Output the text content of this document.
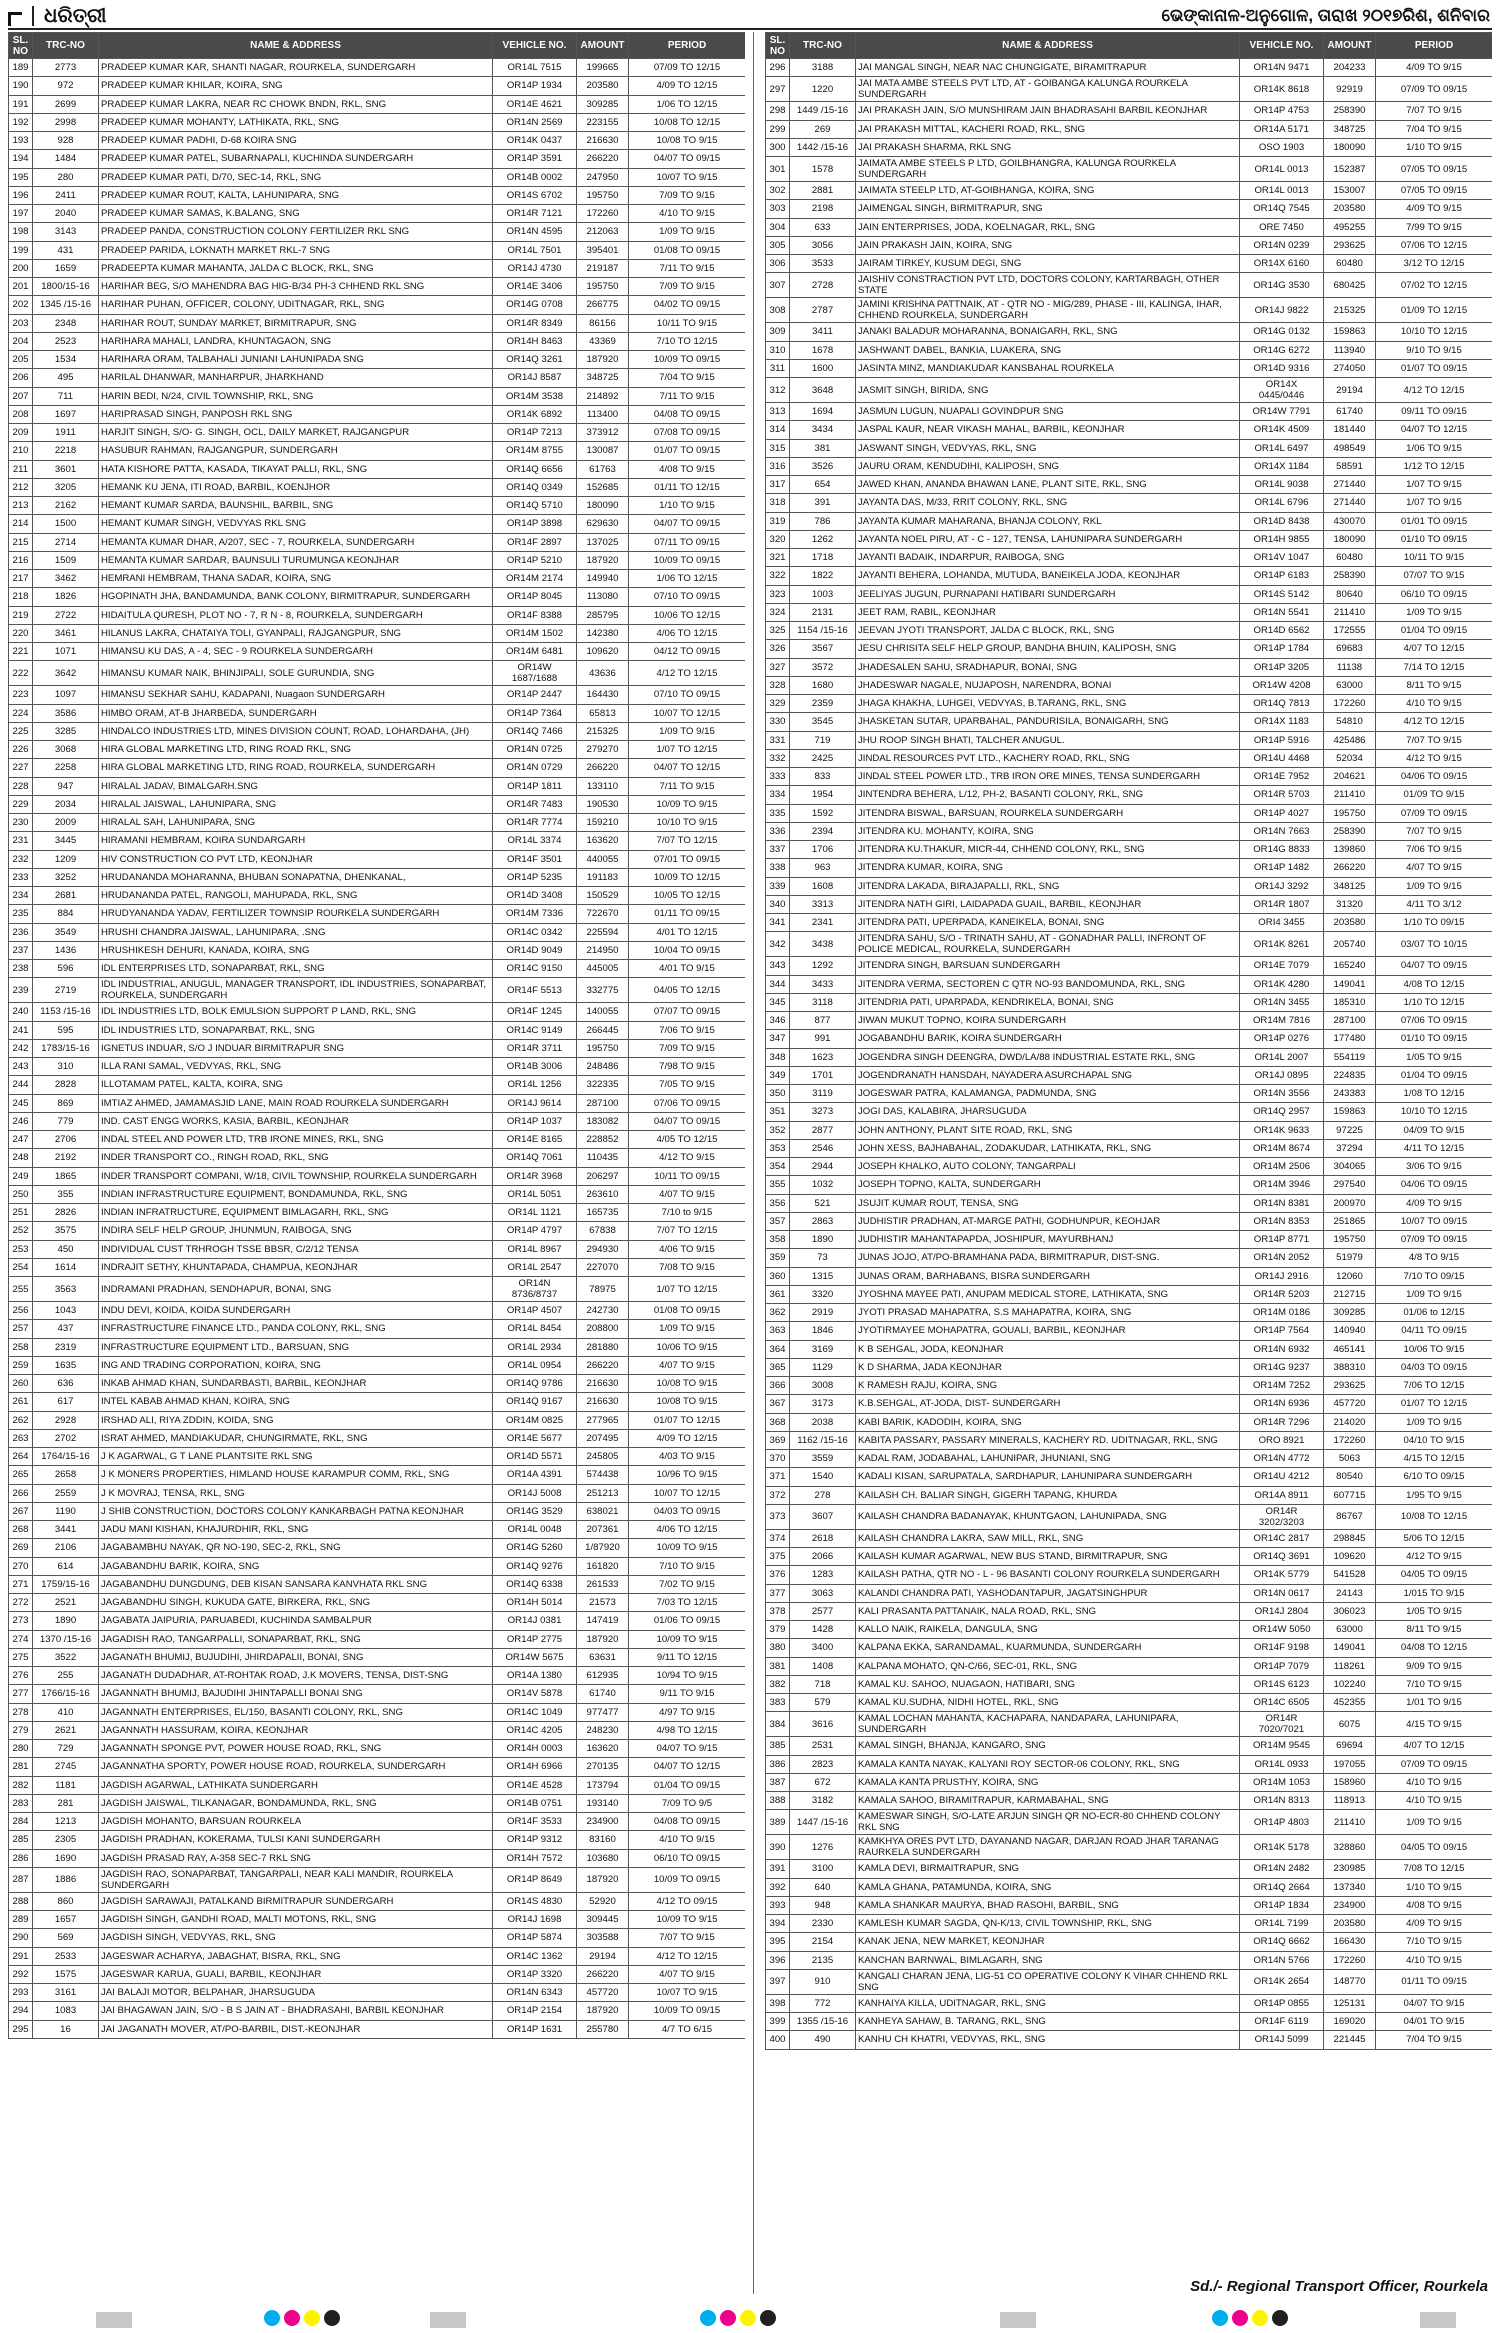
ଧରିତ୍ରୀ	ଭେଙ୍କାନାଳ-ଅନୁଗୋଳ, ତାରାଖ ୨୦୧୭ରିଶ, ଶନିବାର
SL. NO	TRC-NO	NAME & ADDRESS	VEHICLE NO.	AMOUNT	PERIOD
189	2773	PRADEEP KUMAR KAR, SHANTI NAGAR, ROURKELA, SUNDERGARH	OR14L 7515	199665	07/09 TO 12/15
190	972	PRADEEP KUMAR KHILAR, KOIRA, SNG	OR14P 1934	203580	4/09 TO 12/15
191	2699	PRADEEP KUMAR LAKRA, NEAR RC CHOWK BNDN, RKL, SNG	OR14E 4621	309285	1/06 TO 12/15
192	2998	PRADEEP KUMAR MOHANTY, LATHIKATA, RKL, SNG	OR14N 2569	223155	10/08 TO 12/15
193	928	PRADEEP KUMAR PADHI, D-68 KOIRA SNG	OR14K 0437	216630	10/08 TO 9/15
194	1484	PRADEEP KUMAR PATEL, SUBARNAPALI, KUCHINDA SUNDERGARH	OR14P 3591	266220	04/07 TO 09/15
195	280	PRADEEP KUMAR PATI, D/70, SEC-14, RKL, SNG	OR14B 0002	247950	10/07 TO 9/15
196	2411	PRADEEP KUMAR ROUT, KALTA, LAHUNIPARA, SNG	OR14S 6702	195750	7/09 TO 9/15
197	2040	PRADEEP KUMAR SAMAS, K.BALANG, SNG	OR14R 7121	172260	4/10 TO 9/15
198	3143	PRADEEP PANDA, CONSTRUCTION COLONY FERTILIZER RKL SNG	OR14N 4595	212063	1/09 TO 9/15
199	431	PRADEEP PARIDA, LOKNATH MARKET RKL-7 SNG	OR14L 7501	395401	01/08 TO 09/15
200	1659	PRADEEPTA KUMAR MAHANTA, JALDA C BLOCK, RKL, SNG	OR14J 4730	219187	7/11 TO 9/15
201	1800/15-16	HARIHAR BEG, S/O MAHENDRA BAG HIG-B/34 PH-3 CHHEND RKL SNG	OR14E 3406	195750	7/09 TO 9/15
202	1345 /15-16	HARIHAR PUHAN, OFFICER, COLONY, UDITNAGAR, RKL, SNG	OR14G 0708	266775	04/02 TO 09/15
203	2348	HARIHAR ROUT, SUNDAY MARKET, BIRMITRAPUR, SNG	OR14R 8349	86156	10/11 TO 9/15
204	2523	HARIHARA MAHALI, LANDRA, KHUNTAGAON, SNG	OR14H 8463	43369	7/10 TO 12/15
205	1534	HARIHARA ORAM, TALBAHALI JUNIANI LAHUNIPADA SNG	OR14Q 3261	187920	10/09 TO 09/15
206	495	HARILAL DHANWAR, MANHARPUR, JHARKHAND	OR14J 8587	348725	7/04 TO 9/15
207	711	HARIN BEDI, N/24, CIVIL TOWNSHIP, RKL, SNG	OR14M 3538	214892	7/11 TO 9/15
208	1697	HARIPRASAD SINGH, PANPOSH RKL SNG	OR14K 6892	113400	04/08 TO 09/15
209	1911	HARJIT SINGH, S/O- G. SINGH, OCL, DAILY MARKET, RAJGANGPUR	OR14P 7213	373912	07/08 TO 09/15
210	2218	HASUBUR RAHMAN, RAJGANGPUR, SUNDERGARH	OR14M 8755	130087	01/07 TO 09/15
211	3601	HATA KISHORE PATTA, KASADA, TIKAYAT PALLI, RKL, SNG	OR14Q 6656	61763	4/08 TO 9/15
212	3205	HEMANK KU JENA, ITI ROAD, BARBIL, KOENJHOR	OR14Q 0349	152685	01/11 TO 12/15
213	2162	HEMANT KUMAR SARDA, BAUNSHIL, BARBIL, SNG	OR14Q 5710	180090	1/10 TO 9/15
214	1500	HEMANT KUMAR SINGH, VEDVYAS RKL SNG	OR14P 3898	629630	04/07 TO 09/15
215	2714	HEMANTA KUMAR DHAR, A/207, SEC - 7, ROURKELA, SUNDERGARH	OR14F 2897	137025	07/11 TO 09/15
216	1509	HEMANTA KUMAR SARDAR, BAUNSULI TURUMUNGA KEONJHAR	OR14P 5210	187920	10/09 TO 09/15
217	3462	HEMRANI HEMBRAM, THANA SADAR, KOIRA, SNG	OR14M 2174	149940	1/06 TO 12/15
218	1826	HGOPINATH JHA, BANDAMUNDA, BANK COLONY, BIRMITRAPUR, SUNDERGARH	OR14P 8045	113080	07/10 TO 09/15
219	2722	HIDAITULA QURESH, PLOT NO - 7, R N - 8, ROURKELA, SUNDERGARH	OR14F 8388	285795	10/06 TO 12/15
220	3461	HILANUS LAKRA, CHATAIYA TOLI, GYANPALI, RAJGANGPUR, SNG	OR14M 1502	142380	4/06 TO 12/15
221	1071	HIMANSU KU DAS, A - 4, SEC - 9 ROURKELA SUNDERGARH	OR14M 6481	109620	04/12 TO 09/15
222	3642	HIMANSU KUMAR NAIK, BHINJIPALI, SOLE GURUNDIA, SNG	OR14W 1687/1688	43636	4/12 TO 12/15
223	1097	HIMANSU SEKHAR SAHU, KADAPANI, Nuagaon SUNDERGARH	OR14P 2447	164430	07/10 TO 09/15
224	3586	HIMBO ORAM, AT-B JHARBEDA, SUNDERGARH	OR14P 7364	65813	10/07 TO 12/15
225	3285	HINDALCO INDUSTRIES LTD, MINES DIVISION COUNT, ROAD, LOHARDAHA, (JH)	OR14Q 7466	215325	1/09 TO 9/15
226	3068	HIRA GLOBAL MARKETING LTD, RING ROAD RKL, SNG	OR14N 0725	279270	1/07 TO 12/15
227	2258	HIRA GLOBAL MARKETING LTD, RING ROAD, ROURKELA, SUNDERGARH	OR14N 0729	266220	04/07 TO 12/15
228	947	HIRALAL JADAV, BIMALGARH.SNG	OR14P 1811	133110	7/11 TO 9/15
229	2034	HIRALAL JAISWAL, LAHUNIPARA, SNG	OR14R 7483	190530	10/09 TO 9/15
230	2009	HIRALAL SAH, LAHUNIPARA, SNG	OR14R 7774	159210	10/10 TO 9/15
231	3445	HIRAMANI HEMBRAM, KOIRA SUNDARGARH	OR14L 3374	163620	7/07 TO 12/15
232	1209	HIV CONSTRUCTION CO PVT LTD, KEONJHAR	OR14F 3501	440055	07/01 TO 09/15
233	3252	HRUDANANDA MOHARANNA, BHUBAN SONAPATNA, DHENKANAL,	OR14P 5235	191183	10/09 TO 12/15
234	2681	HRUDANANDA PATEL, RANGOLI, MAHUPADA, RKL, SNG	OR14D 3408	150529	10/05 TO 12/15
235	884	HRUDYANANDA YADAV, FERTILIZER TOWNSIP ROURKELA SUNDERGARH	OR14M 7336	722670	01/11 TO 09/15
236	3549	HRUSHI CHANDRA JAISWAL, LAHUNIPARA, .SNG	OR14C 0342	225594	4/01 TO 12/15
237	1436	HRUSHIKESH DEHURI, KANADA, KOIRA, SNG	OR14D 9049	214950	10/04 TO 09/15
238	596	IDL ENTERPRISES LTD, SONAPARBAT, RKL, SNG	OR14C 9150	445005	4/01 TO 9/15
239	2719	IDL INDUSTRIAL, ANUGUL, MANAGER TRANSPORT, IDL INDUSTRIES, SONAPARBAT, ROURKELA, SUNDERGARH	OR14F 5513	332775	04/05 TO 12/15
240	1153 /15-16	IDL INDUSTRIES LTD, BOLK EMULSION SUPPORT P LAND, RKL, SNG	OR14F 1245	140055	07/07 TO 09/15
241	595	IDL INDUSTRIES LTD, SONAPARBAT, RKL, SNG	OR14C 9149	266445	7/06 TO 9/15
242	1783/15-16	IGNETUS INDUAR, S/O J INDUAR BIRMITRAPUR SNG	OR14R 3711	195750	7/09 TO 9/15
243	310	ILLA RANI SAMAL, VEDVYAS, RKL, SNG	OR14B 3006	248486	7/98 TO 9/15
244	2828	ILLOTAMAM PATEL, KALTA, KOIRA, SNG	OR14L 1256	322335	7/05 TO 9/15
245	869	IMTIAZ AHMED, JAMAMASJID LANE, MAIN ROAD ROURKELA SUNDERGARH	OR14J 9614	287100	07/06 TO 09/15
246	779	IND. CAST ENGG WORKS, KASIA, BARBIL, KEONJHAR	OR14P 1037	183082	04/07 TO 09/15
247	2706	INDAL STEEL AND POWER LTD, TRB IRONE MINES, RKL, SNG	OR14E 8165	228852	4/05 TO 12/15
248	2192	INDER TRANSPORT CO., RINGH ROAD, RKL, SNG	OR14Q 7061	110435	4/12 TO 9/15
249	1865	INDER TRANSPORT COMPANI, W/18, CIVIL TOWNSHIP, ROURKELA SUNDERGARH	OR14R 3968	206297	10/11 TO 09/15
250	355	INDIAN INFRASTRUCTURE EQUIPMENT, BONDAMUNDA, RKL, SNG	OR14L 5051	263610	4/07 TO 9/15
251	2826	INDIAN INFRATRUCTURE, EQUIPMENT BIMLAGARH, RKL, SNG	OR14L 1121	165735	7/10 to 9/15
252	3575	INDIRA SELF HELP GROUP, JHUNMUN, RAIBOGA, SNG	OR14P 4797	67838	7/07 TO 12/15
253	450	INDIVIDUAL CUST TRHROGH TSSE BBSR, C/2/12 TENSA	OR14L 8967	294930	4/06 TO 9/15
254	1614	INDRAJIT SETHY, KHUNTAPADA, CHAMPUA, KEONJHAR	OR14L 2547	227070	7/08 TO 9/15
255	3563	INDRAMANI PRADHAN, SENDHAPUR, BONAI, SNG	OR14N 8736/8737	78975	1/07 TO 12/15
256	1043	INDU DEVI, KOIDA, KOIDA SUNDERGARH	OR14P 4507	242730	01/08 TO 09/15
257	437	INFRASTRUCTURE FINANCE LTD., PANDA COLONY, RKL, SNG	OR14L 8454	208800	1/09 TO 9/15
258	2319	INFRASTRUCTURE EQUIPMENT LTD., BARSUAN, SNG	OR14L 2934	281880	10/06 TO 9/15
259	1635	ING AND TRADING CORPORATION, KOIRA, SNG	OR14L 0954	266220	4/07 TO 9/15
260	636	INKAB AHMAD KHAN, SUNDARBASTI, BARBIL, KEONJHAR	OR14Q 9786	216630	10/08 TO 9/15
261	617	INTEL KABAB AHMAD KHAN, KOIRA, SNG	OR14Q 9167	216630	10/08 TO 9/15
262	2928	IRSHAD ALI, RIYA ZDDIN, KOIDA, SNG	OR14M 0825	277965	01/07 TO 12/15
263	2702	ISRAT AHMED, MANDIAKUDAR, CHUNGIRMATE, RKL, SNG	OR14E 5677	207495	4/09 TO 12/15
264	1764/15-16	J K AGARWAL, G T LANE PLANTSITE RKL SNG	OR14D 5571	245805	4/03 TO 9/15
265	2658	J K MONERS PROPERTIES, HIMLAND HOUSE KARAMPUR COMM, RKL, SNG	OR14A 4391	574438	10/96 TO 9/15
266	2559	J K MOVRAJ, TENSA, RKL, SNG	OR14J 5008	251213	10/07 TO 12/15
267	1190	J SHIB CONSTRUCTION, DOCTORS COLONY KANKARBAGH PATNA KEONJHAR	OR14G 3529	638021	04/03 TO 09/15
268	3441	JADU MANI KISHAN, KHAJURDHIR, RKL, SNG	OR14L 0048	207361	4/06 TO 12/15
269	2106	JAGABAMBHU NAYAK, QR NO-190, SEC-2, RKL, SNG	OR14G 5260	1/87920	10/09 TO 9/15
270	614	JAGABANDHU BARIK, KOIRA, SNG	OR14Q 9276	161820	7/10 TO 9/15
271	1759/15-16	JAGABANDHU DUNGDUNG, DEB KISAN SANSARA KANVHATA RKL SNG	OR14Q 6338	261533	7/02 TO 9/15
272	2521	JAGABANDHU SINGH, KUKUDA GATE, BIRKERA, RKL, SNG	OR14H 5014	21573	7/03 TO 12/15
273	1890	JAGABATA JAIPURIA, PARUABEDI, KUCHINDA SAMBALPUR	OR14J 0381	147419	01/06 TO 09/15
274	1370 /15-16	JAGADISH RAO, TANGARPALLI, SONAPARBAT, RKL, SNG	OR14P 2775	187920	10/09 TO 9/15
275	3522	JAGANATH BHUMIJ, BUJUDIHI, JHIRDAPALII, BONAI, SNG	OR14W 5675	63631	9/11 TO 12/15
276	255	JAGANATH DUDADHAR, AT-ROHTAK ROAD, J.K MOVERS, TENSA, DIST-SNG	OR14A 1380	612935	10/94 TO 9/15
277	1766/15-16	JAGANNATH BHUMIJ, BAJUDIHI JHINTAPALLI BONAI SNG	OR14V 5878	61740	9/11 TO 9/15
278	410	JAGANNATH ENTERPRISES, EL/150, BASANTI COLONY, RKL, SNG	OR14C 1049	977477	4/97 TO 9/15
279	2621	JAGANNATH HASSURAM, KOIRA, KEONJHAR	OR14C 4205	248230	4/98 TO 12/15
280	729	JAGANNATH SPONGE PVT, POWER HOUSE ROAD, RKL, SNG	OR14H 0003	163620	04/07 TO 9/15
281	2745	JAGANNATHA SPORTY, POWER HOUSE ROAD, ROURKELA, SUNDERGARH	OR14H 6966	270135	04/07 TO 12/15
282	1181	JAGDISH AGARWAL, LATHIKATA SUNDERGARH	OR14E 4528	173794	01/04 TO 09/15
283	281	JAGDISH JAISWAL, TILKANAGAR, BONDAMUNDA, RKL, SNG	OR14B 0751	193140	7/09 TO 9/5
284	1213	JAGDISH MOHANTO, BARSUAN ROURKELA	OR14F 3533	234900	04/08 TO 09/15
285	2305	JAGDISH PRADHAN, KOKERAMA, TULSI KANI SUNDERGARH	OR14P 9312	83160	4/10 TO 9/15
286	1690	JAGDISH PRASAD RAY, A-358 SEC-7 RKL SNG	OR14H 7572	103680	06/10 TO 09/15
287	1886	JAGDISH RAO, SONAPARBAT, TANGARPALI, NEAR KALI MANDIR, ROURKELA SUNDERGARH	OR14P 8649	187920	10/09 TO 09/15
288	860	JAGDISH SARAWAJI, PATALKAND BIRMITRAPUR SUNDERGARH	OR14S 4830	52920	4/12 TO 09/15
289	1657	JAGDISH SINGH, GANDHI ROAD, MALTI MOTONS, RKL, SNG	OR14J 1698	309445	10/09 TO 9/15
290	569	JAGDISH SINGH, VEDVYAS, RKL, SNG	OR14P 5874	303588	7/07 TO 9/15
291	2533	JAGESWAR ACHARYA, JABAGHAT, BISRA, RKL, SNG	OR14C 1362	29194	4/12 TO 12/15
292	1575	JAGESWAR KARUA, GUALI, BARBIL, KEONJHAR	OR14P 3320	266220	4/07 TO 9/15
293	3161	JAI BALAJI MOTOR, BELPAHAR, JHARSUGUDA	OR14N 6343	457720	10/07 TO 9/15
294	1083	JAI BHAGAWAN JAIN, S/O - B S JAIN AT - BHADRASAHI, BARBIL KEONJHAR	OR14P 2154	187920	10/09 TO 09/15
295	16	JAI JAGANATH MOVER, AT/PO-BARBIL, DIST.-KEONJHAR	OR14P 1631	255780	4/7 TO 6/15
SL. NO	TRC-NO	NAME & ADDRESS	VEHICLE NO.	AMOUNT	PERIOD
296	3188	JAI MANGAL SINGH, NEAR NAC CHUNGIGATE, BIRAMITRAPUR	OR14N 9471	204233	4/09 TO 9/15
297	1220	JAI MATA AMBE STEELS PVT LTD, AT - GOIBANGA KALUNGA ROURKELA SUNDERGARH	OR14K 8618	92919	07/09 TO 09/15
298	1449 /15-16	JAI PRAKASH JAIN, S/O MUNSHIRAM JAIN BHADRASAHI BARBIL KEONJHAR	OR14P 4753	258390	7/07 TO 9/15
299	269	JAI PRAKASH MITTAL, KACHERI ROAD, RKL, SNG	OR14A 5171	348725	7/04 TO 9/15
300	1442 /15-16	JAI PRAKASH SHARMA, RKL SNG	OSO 1903	180090	1/10 TO 9/15
301	1578	JAIMATA AMBE STEELS P LTD, GOILBHANGRA, KALUNGA ROURKELA SUNDERGARH	OR14L 0013	152387	07/05 TO 09/15
302	2881	JAIMATA STEELP LTD, AT-GOIBHANGA, KOIRA, SNG	OR14L 0013	153007	07/05 TO 09/15
303	2198	JAIMENGAL SINGH, BIRMITRAPUR, SNG	OR14Q 7545	203580	4/09 TO 9/15
304	633	JAIN ENTERPRISES, JODA, KOELNAGAR, RKL, SNG	ORE 7450	495255	7/99 TO 9/15
305	3056	JAIN PRAKASH JAIN, KOIRA, SNG	OR14N 0239	293625	07/06 TO 12/15
306	3533	JAIRAM TIRKEY, KUSUM DEGI, SNG	OR14X 6160	60480	3/12 TO 12/15
307	2728	JAISHIV CONSTRACTION PVT LTD, DOCTORS COLONY, KARTARBAGH, OTHER STATE	OR14G 3530	680425	07/02 TO 12/15
308	2787	JAMINI KRISHNA PATTNAIK, AT - QTR NO - MIG/289, PHASE - III, KALINGA, IHAR, CHHEND ROURKELA, SUNDERGARH	OR14J 9822	215325	01/09 TO 12/15
309	3411	JANAKI BALADUR MOHARANNA, BONAIGARH, RKL, SNG	OR14G 0132	159863	10/10 TO 12/15
310	1678	JASHWANT DABEL, BANKIA, LUAKERA, SNG	OR14G 6272	113940	9/10 TO 9/15
311	1600	JASINTA MINZ, MANDIAKUDAR KANSBAHAL ROURKELA	OR14D 9316	274050	01/07 TO 09/15
312	3648	JASMIT SINGH, BIRIDA, SNG	OR14X 0445/0446	29194	4/12 TO 12/15
313	1694	JASMUN LUGUN, NUAPALI GOVINDPUR SNG	OR14W 7791	61740	09/11 TO 09/15
314	3434	JASPAL KAUR, NEAR VIKASH MAHAL, BARBIL, KEONJHAR	OR14K 4509	181440	04/07 TO 12/15
315	381	JASWANT SINGH, VEDVYAS, RKL, SNG	OR14L 6497	498549	1/06 TO 9/15
316	3526	JAURU ORAM, KENDUDIHI, KALIPOSH, SNG	OR14X 1184	58591	1/12 TO 12/15
317	654	JAWED KHAN, ANANDA BHAWAN LANE, PLANT SITE, RKL, SNG	OR14L 9038	271440	1/07 TO 9/15
318	391	JAYANTA DAS, M/33, RRIT COLONY, RKL, SNG	OR14L 6796	271440	1/07 TO 9/15
319	786	JAYANTA KUMAR MAHARANA, BHANJA COLONY, RKL	OR14D 8438	430070	01/01 TO 09/15
320	1262	JAYANTA NOEL PIRU, AT - C - 127, TENSA, LAHUNIPARA SUNDERGARH	OR14H 9855	180090	01/10 TO 09/15
321	1718	JAYANTI BADAIK, INDARPUR, RAIBOGA, SNG	OR14V 1047	60480	10/11 TO 9/15
322	1822	JAYANTI BEHERA, LOHANDA, MUTUDA, BANEIKELA JODA, KEONJHAR	OR14P 6183	258390	07/07 TO 9/15
323	1003	JEELIYAS JUGUN, PURNAPANI HATIBARI SUNDERGARH	OR14S 5142	80640	06/10 TO 09/15
324	2131	JEET RAM, RABIL, KEONJHAR	OR14N 5541	211410	1/09 TO 9/15
325	1154 /15-16	JEEVAN JYOTI TRANSPORT, JALDA C BLOCK, RKL, SNG	OR14D 6562	172555	01/04 TO 09/15
326	3567	JESU CHRISITA SELF HELP GROUP, BANDHA BHUIN, KALIPOSH, SNG	OR14P 1784	69683	4/07 TO 12/15
327	3572	JHADESALEN SAHU, SRADHAPUR, BONAI, SNG	OR14P 3205	11138	7/14 TO 12/15
328	1680	JHADESWAR NAGALE, NUJAPOSH, NARENDRA, BONAI	OR14W 4208	63000	8/11 TO 9/15
329	2359	JHAGA KHAKHA, LUHGEI, VEDVYAS, B.TARANG, RKL, SNG	OR14Q 7813	172260	4/10 TO 9/15
330	3545	JHASKETAN SUTAR, UPARBAHAL, PANDURISILA, BONAIGARH, SNG	OR14X 1183	54810	4/12 TO 12/15
331	719	JHU ROOP SINGH BHATI, TALCHER ANUGUL.	OR14P 5916	425486	7/07 TO 9/15
332	2425	JINDAL RESOURCES PVT LTD., KACHERY ROAD, RKL, SNG	OR14U 4468	52034	4/12 TO 9/15
333	833	JINDAL STEEL POWER LTD., TRB IRON ORE MINES, TENSA SUNDERGARH	OR14E 7952	204621	04/06 TO 09/15
334	1954	JINTENDRA BEHERA, L/12, PH-2, BASANTI COLONY, RKL, SNG	OR14R 5703	211410	01/09 TO 9/15
335	1592	JITENDRA BISWAL, BARSUAN, ROURKELA SUNDERGARH	OR14P 4027	195750	07/09 TO 09/15
336	2394	JITENDRA KU. MOHANTY, KOIRA, SNG	OR14N 7663	258390	7/07 TO 9/15
337	1706	JITENDRA KU.THAKUR, MICR-44, CHHEND COLONY, RKL, SNG	OR14G 8833	139860	7/06 TO 9/15
338	963	JITENDRA KUMAR, KOIRA, SNG	OR14P 1482	266220	4/07 TO 9/15
339	1608	JITENDRA LAKADA, BIRAJAPALLI, RKL, SNG	OR14J 3292	348125	1/09 TO 9/15
340	3313	JITENDRA NATH GIRI, LAIDAPADA GUAIL, BARBIL, KEONJHAR	OR14R 1807	31320	4/11 TO 3/12
341	2341	JITENDRA PATI, UPERPADA, KANEIKELA, BONAI, SNG	ORI4 3455	203580	1/10 TO 09/15
342	3438	JITENDRA SAHU, S/O - TRINATH SAHU, AT - GONADHAR PALLI, INFRONT OF POLICE MEDICAL, ROURKELA, SUNDERGARH	OR14K 8261	205740	03/07 TO 10/15
343	1292	JITENDRA SINGH, BARSUAN SUNDERGARH	OR14E 7079	165240	04/07 TO 09/15
344	3433	JITENDRA VERMA, SECTOREN C QTR NO-93 BANDOMUNDA, RKL, SNG	OR14K 4280	149041	4/08 TO 12/15
345	3118	JITENDRIA PATI, UPARPADA, KENDRIKELA, BONAI, SNG	OR14N 3455	185310	1/10 TO 12/15
346	877	JIWAN MUKUT TOPNO, KOIRA SUNDERGARH	OR14M 7816	287100	07/06 TO 09/15
347	991	JOGABANDHU BARIK, KOIRA SUNDERGARH	OR14P 0276	177480	01/10 TO 09/15
348	1623	JOGENDRA SINGH DEENGRA, DWD/LA/88 INDUSTRIAL ESTATE RKL, SNG	OR14L 2007	554119	1/05 TO 9/15
349	1701	JOGENDRANATH HANSDAH, NAYADERA ASURCHAPAL SNG	OR14J 0895	224835	01/04 TO 09/15
350	3119	JOGESWAR PATRA, KALAMANGA, PADMUNDA, SNG	OR14N 3556	243383	1/08 TO 12/15
351	3273	JOGI DAS, KALABIRA, JHARSUGUDA	OR14Q 2957	159863	10/10 TO 12/15
352	2877	JOHN ANTHONY, PLANT SITE ROAD, RKL, SNG	OR14K 9633	97225	04/09 TO 9/15
353	2546	JOHN XESS, BAJHABAHAL, ZODAKUDAR, LATHIKATA, RKL, SNG	OR14M 8674	37294	4/11 TO 12/15
354	2944	JOSEPH KHALKO, AUTO COLONY, TANGARPALI	OR14M 2506	304065	3/06 TO 9/15
355	1032	JOSEPH TOPNO, KALTA, SUNDERGARH	OR14M 3946	297540	04/06 TO 09/15
356	521	JSUJIT KUMAR ROUT, TENSA, SNG	OR14N 8381	200970	4/09 TO 9/15
357	2863	JUDHISTIR PRADHAN, AT-MARGE PATHI, GODHUNPUR, KEOHJAR	OR14N 8353	251865	10/07 TO 09/15
358	1890	JUDHISTIR MAHANTAPAPDA, JOSHIPUR, MAYURBHANJ	OR14P 8771	195750	07/09 TO 09/15
359	73	JUNAS JOJO, AT/PO-BRAMHANA PADA, BIRMITRAPUR, DIST-SNG.	OR14N 2052	51979	4/8 TO 9/15
360	1315	JUNAS ORAM, BARHABANS, BISRA SUNDERGARH	OR14J 2916	12060	7/10 TO 09/15
361	3320	JYOSHNA MAYEE PATI, ANUPAM MEDICAL STORE, LATHIKATA, SNG	OR14R 5203	212715	1/09 TO 9/15
362	2919	JYOTI PRASAD MAHAPATRA, S.S MAHAPATRA, KOIRA, SNG	OR14M 0186	309285	01/06 to 12/15
363	1846	JYOTIRMAYEE MOHAPATRA, GOUALI, BARBIL, KEONJHAR	OR14P 7564	140940	04/11 TO 09/15
364	3169	K B SEHGAL, JODA, KEONJHAR	OR14N 6932	465141	10/06 TO 9/15
365	1129	K D SHARMA, JADA KEONJHAR	OR14G 9237	388310	04/03 TO 09/15
366	3008	K RAMESH RAJU, KOIRA, SNG	OR14M 7252	293625	7/06 TO 12/15
367	3173	K.B.SEHGAL, AT-JODA, DIST- SUNDERGARH	OR14N 6936	457720	01/07 TO 12/15
368	2038	KABI BARIK, KADODIH, KOIRA, SNG	OR14R 7296	214020	1/09 TO 9/15
369	1162 /15-16	KABITA PASSARY, PASSARY MINERALS, KACHERY RD. UDITNAGAR, RKL, SNG	ORO 8921	172260	04/10 TO 9/15
370	3559	KADAL RAM, JODABAHAL, LAHUNIPAR, JHUNIANI, SNG	OR14N 4772	5063	4/15 TO 12/15
371	1540	KADALI KISAN, SARUPATALA, SARDHAPUR, LAHUNIPARA SUNDERGARH	OR14U 4212	80540	6/10 TO 09/15
372	278	KAILASH CH. BALIAR SINGH, GIGERH TAPANG, KHURDA	OR14A 8911	607715	1/95 TO 9/15
373	3607	KAILASH CHANDRA BADANAYAK, KHUNTGAON, LAHUNIPADA, SNG	OR14R 3202/3203	86767	10/08 TO 12/15
374	2618	KAILASH CHANDRA LAKRA, SAW MILL, RKL, SNG	OR14C 2817	298845	5/06 TO 12/15
375	2066	KAILASH KUMAR AGARWAL, NEW BUS STAND, BIRMITRAPUR, SNG	OR14Q 3691	109620	4/12 TO 9/15
376	1283	KAILASH PATHA, QTR NO - L - 96 BASANTI COLONY ROURKELA SUNDERGARH	OR14K 5779	541528	04/05 TO 09/15
377	3063	KALANDI CHANDRA PATI, YASHODANTAPUR, JAGATSINGHPUR	OR14N 0617	24143	1/015 TO 9/15
378	2577	KALI PRASANTA PATTANAIK, NALA ROAD, RKL, SNG	OR14J 2804	306023	1/05 TO 9/15
379	1428	KALLO NAIK, RAIKELA, DANGULA, SNG	OR14W 5050	63000	8/11 TO 9/15
380	3400	KALPANA EKKA, SARANDAMAL, KUARMUNDA, SUNDERGARH	OR14F 9198	149041	04/08 TO 12/15
381	1408	KALPANA MOHATO, QN-C/66, SEC-01, RKL, SNG	OR14P 7079	118261	9/09 TO 9/15
382	718	KAMAL KU. SAHOO, NUAGAON, HATIBARI, SNG	OR14S 6123	102240	7/10 TO 9/15
383	579	KAMAL KU.SUDHA, NIDHI HOTEL, RKL, SNG	OR14C 6505	452355	1/01 TO 9/15
384	3616	KAMAL LOCHAN MAHANTA, KACHAPARA, NANDAPARA, LAHUNIPARA, SUNDERGARH	OR14R 7020/7021	6075	4/15 TO 9/15
385	2531	KAMAL SINGH, BHANJA, KANGARO, SNG	OR14M 9545	69694	4/07 TO 12/15
386	2823	KAMALA KANTA NAYAK, KALYANI ROY SECTOR-06 COLONY, RKL, SNG	OR14L 0933	197055	07/09 TO 09/15
387	672	KAMALA KANTA PRUSTHY, KOIRA, SNG	OR14M 1053	158960	4/10 TO 9/15
388	3182	KAMALA SAHOO, BIRAMITRAPUR, KARMABAHAL, SNG	OR14N 8313	118913	4/10 TO 9/15
389	1447 /15-16	KAMESWAR SINGH, S/O-LATE ARJUN SINGH QR NO-ECR-80 CHHEND COLONY RKL SNG	OR14P 4803	211410	1/09 TO 9/15
390	1276	KAMKHYA ORES PVT LTD, DAYANAND NAGAR, DARJAN ROAD JHAR TARANAG RAURKELA SUNDERGARH	OR14K 5178	328860	04/05 TO 09/15
391	3100	KAMLA DEVI, BIRMAITRAPUR, SNG	OR14N 2482	230985	7/08 TO 12/15
392	640	KAMLA GHANA, PATAMUNDA, KOIRA, SNG	OR14Q 2664	137340	1/10 TO 9/15
393	948	KAMLA SHANKAR MAURYA, BHAD RASOHI, BARBIL, SNG	OR14P 1834	234900	4/08 TO 9/15
394	2330	KAMLESH KUMAR SAGDA, QN-K/13, CIVIL TOWNSHIP, RKL, SNG	OR14L 7199	203580	4/09 TO 9/15
395	2154	KANAK JENA, NEW MARKET, KEONJHAR	OR14Q 6662	166430	7/10 TO 9/15
396	2135	KANCHAN BARNWAL, BIMLAGARH, SNG	OR14N 5766	172260	4/10 TO 9/15
397	910	KANGALI CHARAN JENA, LIG-51 CO OPERATIVE COLONY K VIHAR CHHEND RKL SNG	OR14K 2654	148770	01/11 TO 09/15
398	772	KANHAIYA KILLA, UDITNAGAR, RKL, SNG	OR14P 0855	125131	04/07 TO 9/15
399	1355 /15-16	KANHEYA SAHAW, B. TARANG, RKL, SNG	OR14F 6119	169020	04/01 TO 9/15
400	490	KANHU CH KHATRI, VEDVYAS, RKL, SNG	OR14J 5099	221445	7/04 TO 9/15
Sd./- Regional Transport Officer, Rourkela
